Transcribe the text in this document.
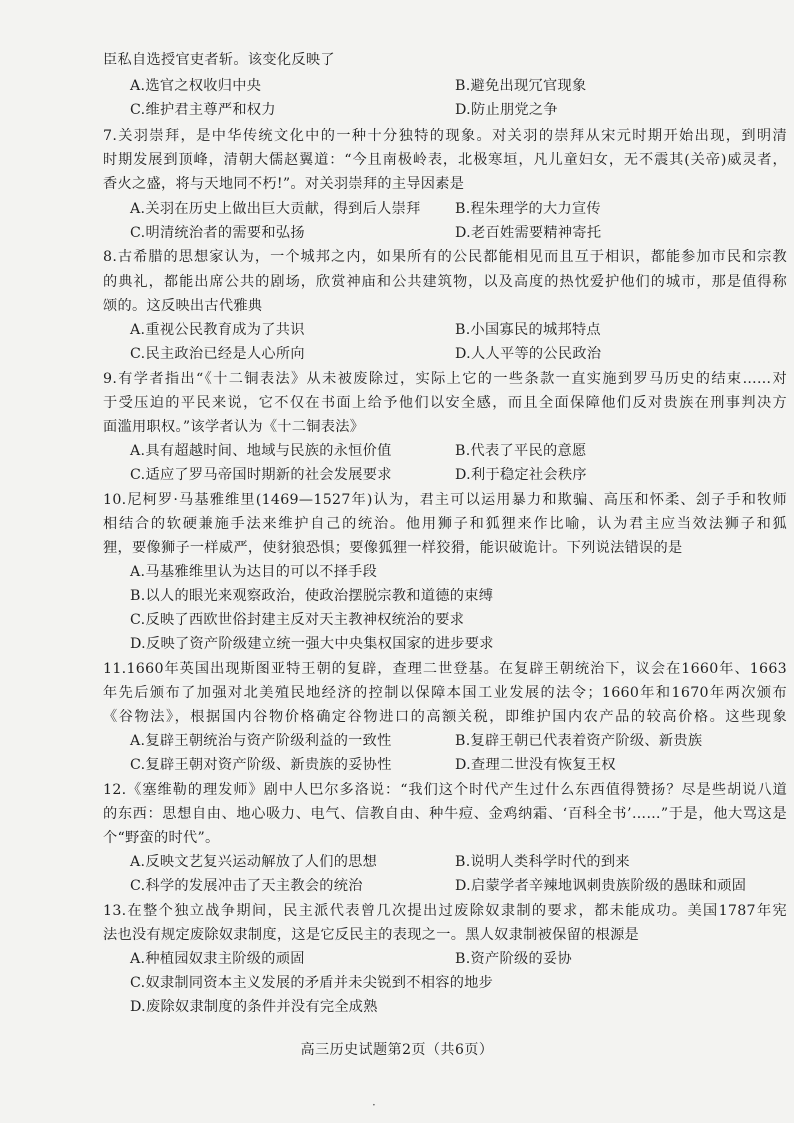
臣私自选授官吏者斩。该变化反映了
A.选官之权收归中央	B.避免出现冗官现象
C.维护君主尊严和权力	D.防止朋党之争
7.关羽崇拜，是中华传统文化中的一种十分独特的现象。对关羽的崇拜从宋元时期开始出现，到明清
时期发展到顶峰，清朝大儒赵翼道：“今且南极岭表，北极寒垣，凡儿童妇女，无不震其(关帝)威灵者，
香火之盛，将与天地同不朽!”。对关羽崇拜的主导因素是
A.关羽在历史上做出巨大贡献，得到后人崇拜 B.程朱理学的大力宣传
C.明清统治者的需要和弘扬	D.老百姓需要精神寄托
8.古希腊的思想家认为，一个城邦之内，如果所有的公民都能相见而且互于相识，都能参加市民和宗教
的典礼，都能出席公共的剧场，欣赏神庙和公共建筑物，以及高度的热忱爱护他们的城市，那是值得称
颂的。这反映出古代雅典
A.重视公民教育成为了共识	B.小国寡民的城邦特点
C.民主政治已经是人心所向	D.人人平等的公民政治
9.有学者指出“《十二铜表法》从未被废除过，实际上它的一些条款一直实施到罗马历史的结束……对
于受压迫的平民来说，它不仅在书面上给予他们以安全感，而且全面保障他们反对贵族在刑事判决方
面滥用职权。”该学者认为《十二铜表法》
A.具有超越时间、地域与民族的永恒价值	B.代表了平民的意愿
C.适应了罗马帝国时期新的社会发展要求	D.利于稳定社会秩序
10.尼柯罗·马基雅维里(1469—1527年)认为，君主可以运用暴力和欺骗、高压和怀柔、刽子手和牧师
相结合的软硬兼施手法来维护自己的统治。他用狮子和狐狸来作比喻，认为君主应当效法狮子和狐
狸，要像狮子一样威严，使豺狼恐惧；要像狐狸一样狡猾，能识破诡计。下列说法错误的是
A.马基雅维里认为达目的可以不择手段
B.以人的眼光来观察政治，使政治摆脱宗教和道德的束缚
C.反映了西欧世俗封建主反对天主教神权统治的要求
D.反映了资产阶级建立统一强大中央集权国家的进步要求
11.1660年英国出现斯图亚特王朝的复辟，查理二世登基。在复辟王朝统治下，议会在1660年、1663
年先后颁布了加强对北美殖民地经济的控制以保障本国工业发展的法令；1660年和1670年两次颁布
《谷物法》，根据国内谷物价格确定谷物进口的高额关税，即维护国内农产品的较高价格。这些现象
A.复辟王朝统治与资产阶级利益的一致性	B.复辟王朝已代表着资产阶级、新贵族
C.复辟王朝对资产阶级、新贵族的妥协性	D.查理二世没有恢复王权
12.《塞维勒的理发师》剧中人巴尔多洛说：“我们这个时代产生过什么东西值得赞扬？尽是些胡说八道
的东西：思想自由、地心吸力、电气、信教自由、种牛痘、金鸡纳霜、‘百科全书’……”于是，他大骂这是
个“野蛮的时代”。
A.反映文艺复兴运动解放了人们的思想	B.说明人类科学时代的到来
C.科学的发展冲击了天主教会的统治	D.启蒙学者辛辣地讽刺贵族阶级的愚昧和顽固
13.在整个独立战争期间，民主派代表曾几次提出过废除奴隶制的要求，都未能成功。美国1787年宪
法也没有规定废除奴隶制度，这是它反民主的表现之一。黑人奴隶制被保留的根源是
A.种植园奴隶主阶级的顽固	B.资产阶级的妥协
C.奴隶制同资本主义发展的矛盾并未尖锐到不相容的地步
D.废除奴隶制度的条件并没有完全成熟
高三历史试题第2页（共6页）
·
